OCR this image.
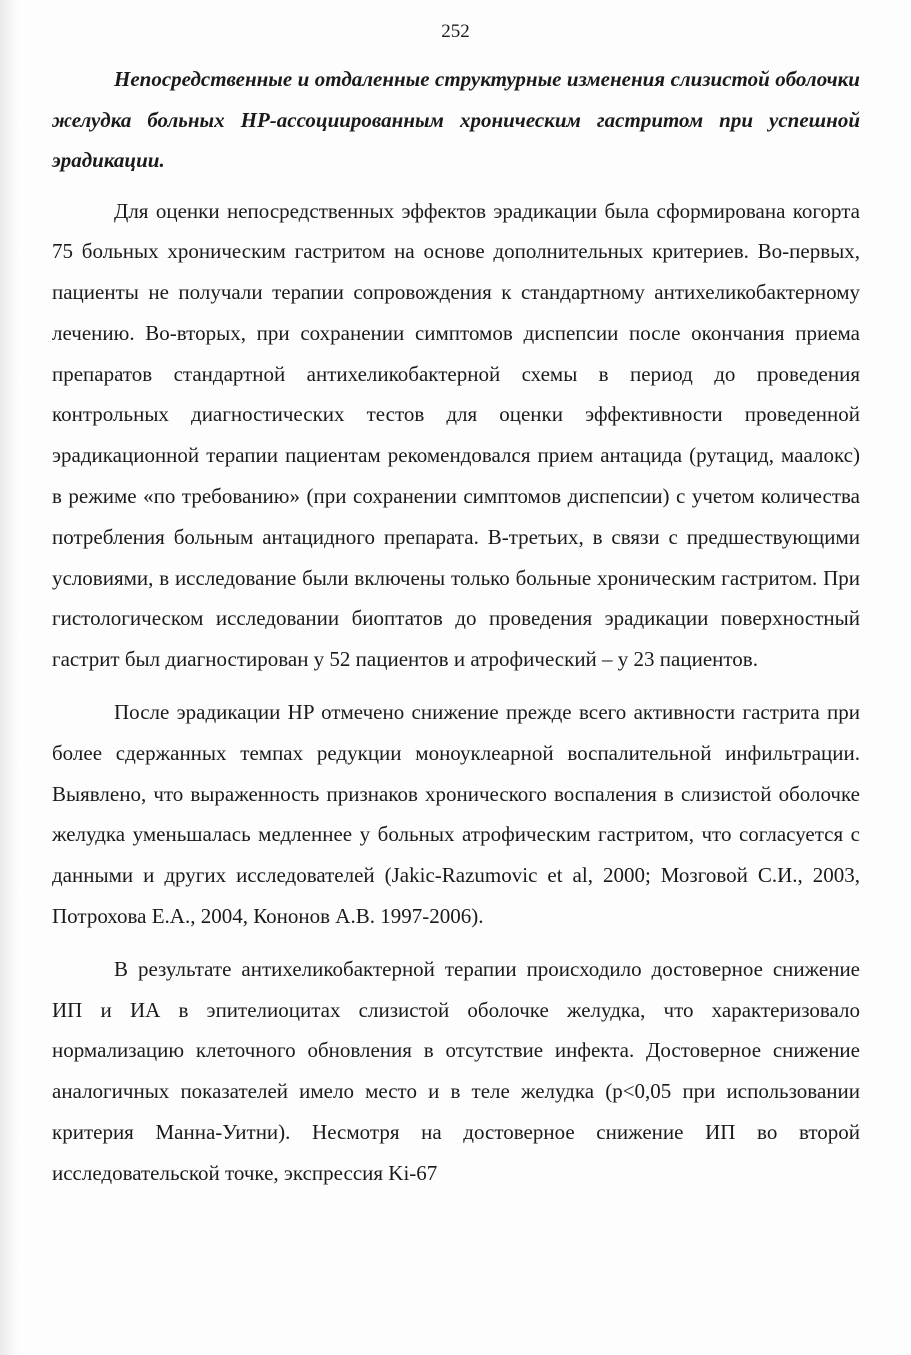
252

Непосредственные и отдаленные структурные изменения слизистой оболочки желудка больных HP-ассоциированным хроническим гастритом при успешной эрадикации.

Для оценки непосредственных эффектов эрадикации была сформирована когорта 75 больных хроническим гастритом на основе дополнительных критериев. Во-первых, пациенты не получали терапии сопровождения к стандартному антихеликобактерному лечению. Во-вторых, при сохранении симптомов диспепсии после окончания приема препаратов стандартной антихеликобактерной схемы в период до проведения контрольных диагностических тестов для оценки эффективности проведенной эрадикационной терапии пациентам рекомендовался прием антацида (рутацид, маалокс) в режиме «по требованию» (при сохранении симптомов диспепсии) с учетом количества потребления больным антацидного препарата. В-третьих, в связи с предшествующими условиями, в исследование были включены только больные хроническим гастритом. При гистологическом исследовании биоптатов до проведения эрадикации поверхностный гастрит был диагностирован у 52 пациентов и атрофический – у 23 пациентов.

После эрадикации HP отмечено снижение прежде всего активности гастрита при более сдержанных темпах редукции моноуклеарной воспалительной инфильтрации. Выявлено, что выраженность признаков хронического воспаления в слизистой оболочке желудка уменьшалась медленнее у больных атрофическим гастритом, что согласуется с данными и других исследователей (Jakic-Razumovic et al, 2000; Мозговой С.И., 2003, Потрохова Е.А., 2004, Кононов А.В. 1997-2006).

В результате антихеликобактерной терапии происходило достоверное снижение ИП и ИА в эпителиоцитах слизистой оболочке желудка, что характеризовало нормализацию клеточного обновления в отсутствие инфекта. Достоверное снижение аналогичных показателей имело место и в теле желудка (p<0,05 при использовании критерия Манна-Уитни). Несмотря на достоверное снижение ИП во второй исследовательской точке, экспрессия Ki-67
